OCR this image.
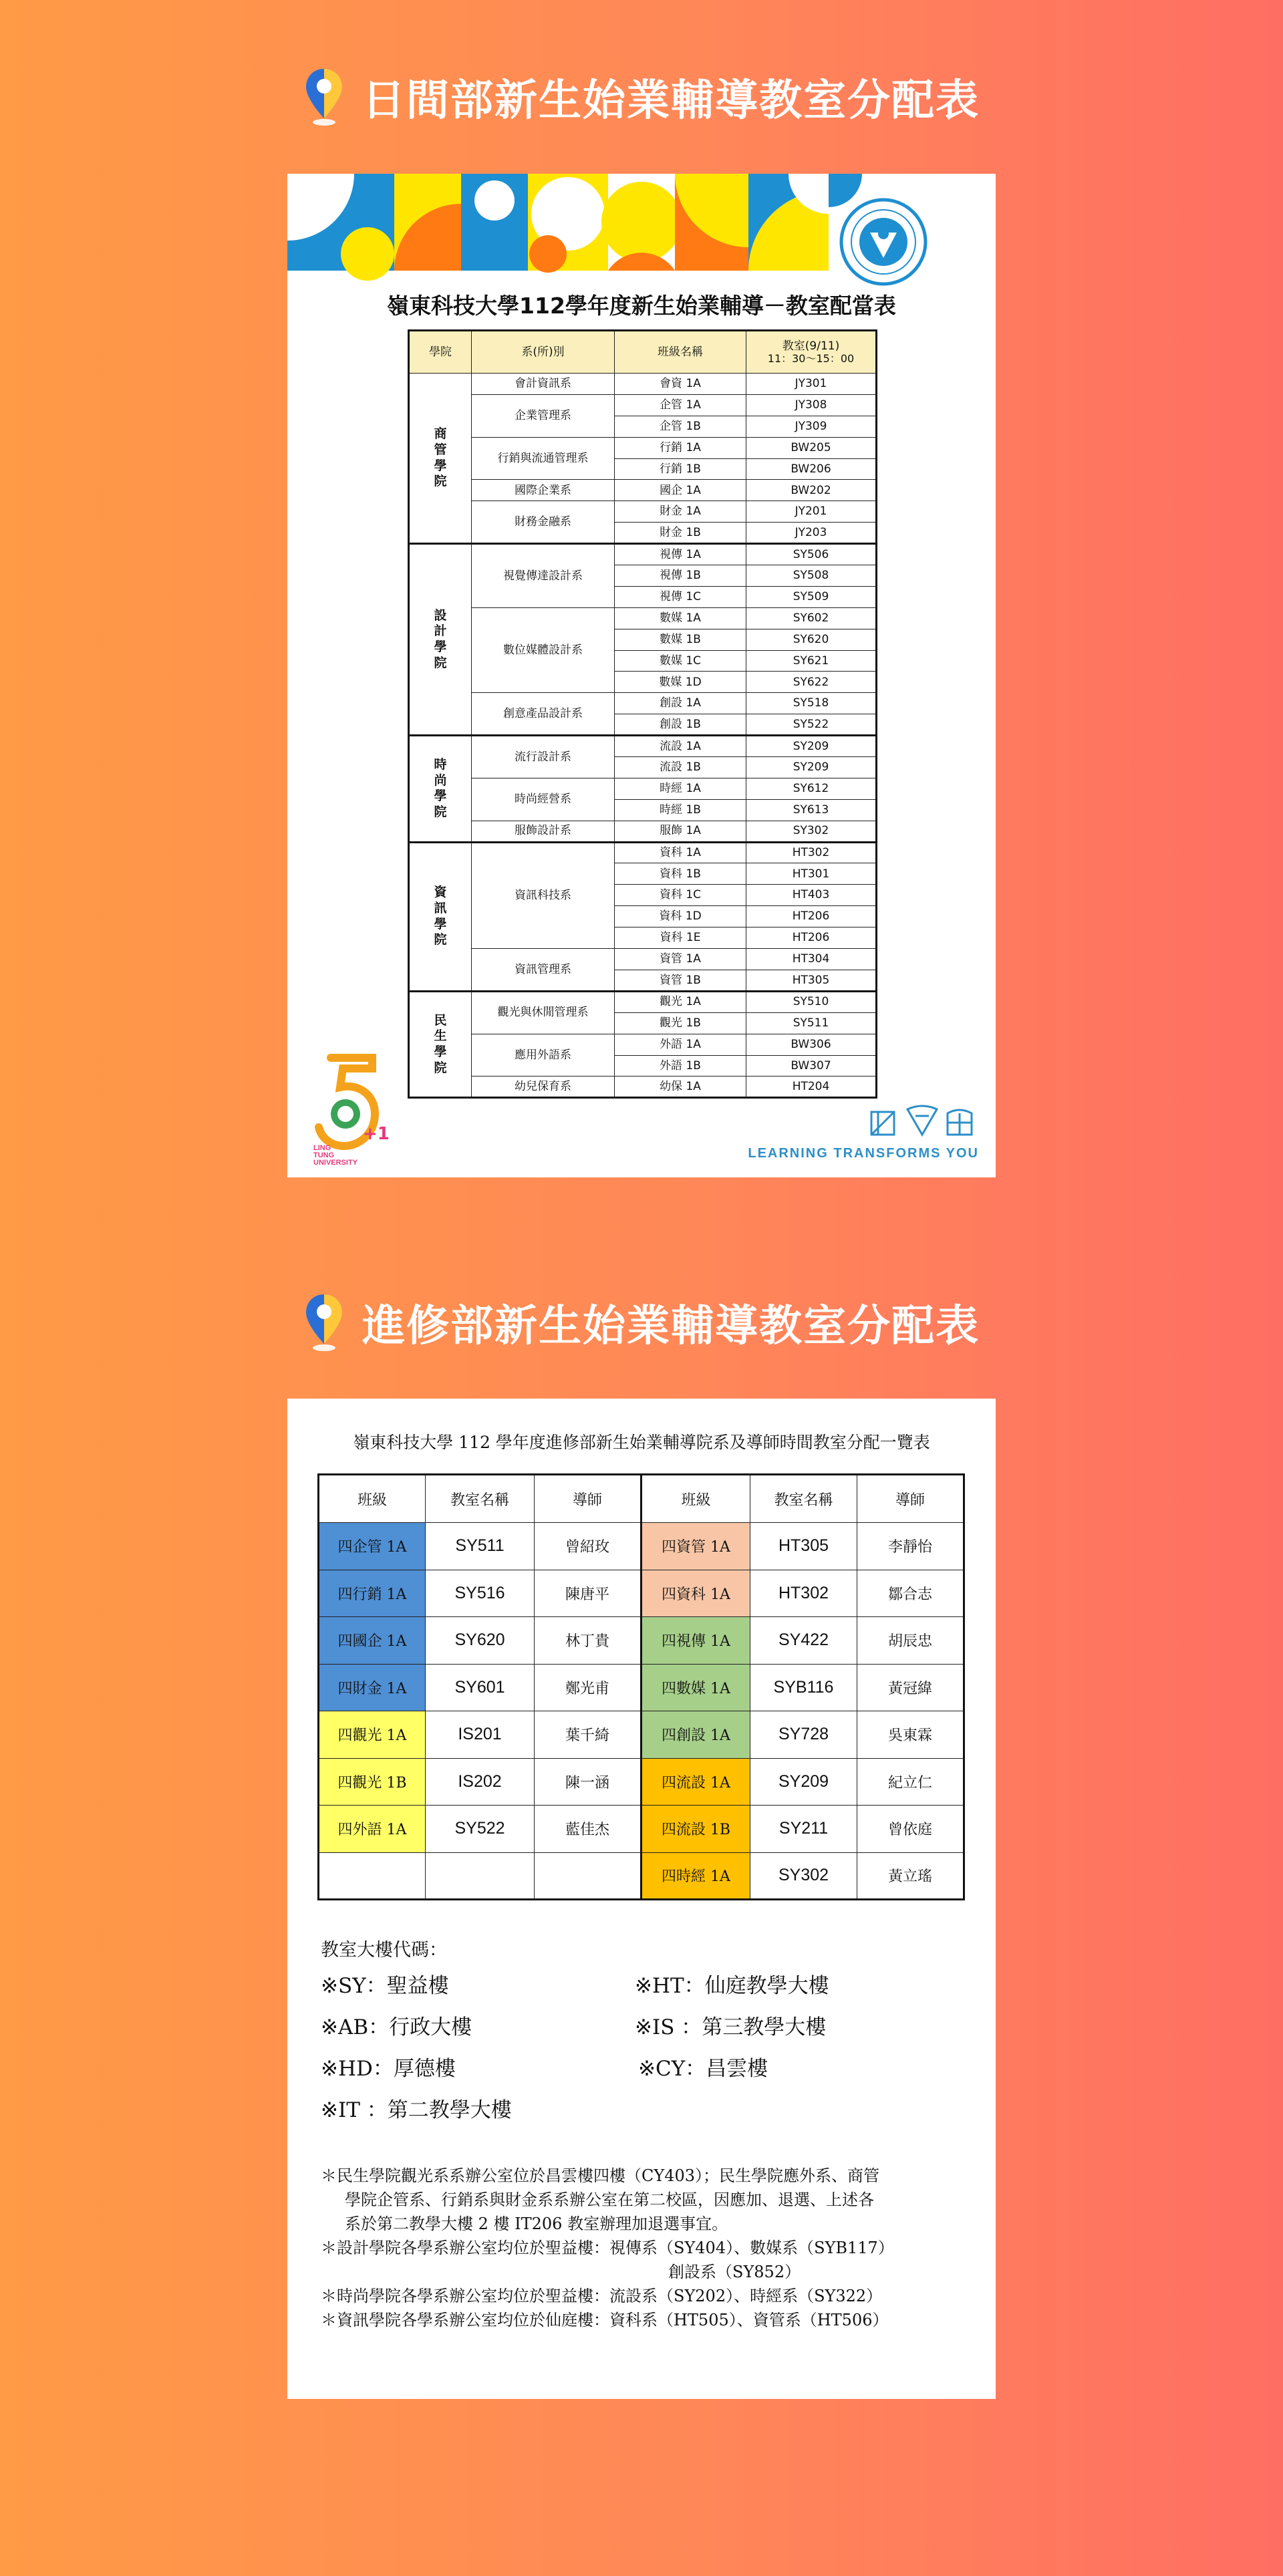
日間部新生始業輔導教室分配表
嶺東科技大學112學年度新生始業輔導－教室配當表
學院	系(所)別	班級名稱	教室(9/11)
11：30～15：00

商
管
學
院	會計資訊系	會資 1A	JY301
	企業管理系	企管 1A	JY308
		企管 1B	JY309
	行銷與流通管理系	行銷 1A	BW205
		行銷 1B	BW206
	國際企業系	國企 1A	BW202
	財務金融系	財金 1A	JY201
		財金 1B	JY203

設
計
學
院	視覺傳達設計系	視傳 1A	SY506
		視傳 1B	SY508
		視傳 1C	SY509
	數位媒體設計系	數媒 1A	SY602
		數媒 1B	SY620
		數媒 1C	SY621
		數媒 1D	SY622
	創意產品設計系	創設 1A	SY518
		創設 1B	SY522

時
尚
學
院	流行設計系	流設 1A	SY209
		流設 1B	SY209
	時尚經營系	時經 1A	SY612
		時經 1B	SY613
	服飾設計系	服飾 1A	SY302

資
訊
學
院	資訊科技系	資科 1A	HT302
		資科 1B	HT301
		資科 1C	HT403
		資科 1D	HT206
		資科 1E	HT206
	資訊管理系	資管 1A	HT304
		資管 1B	HT305

民
生
學
院	觀光與休閒管理系	觀光 1A	SY510
		觀光 1B	SY511
	應用外語系	外語 1A	BW306
		外語 1B	BW307
	幼兒保育系	幼保 1A	HT204
+1
LING
TUNG
UNIVERSITY
LEARNING TRANSFORMS YOU
進修部新生始業輔導教室分配表
嶺東科技大學 112 學年度進修部新生始業輔導院系及導師時間教室分配一覽表
班級	教室名稱	導師	班級	教室名稱	導師
四企管 1A	SY511	曾紹玫	四資管 1A	HT305	李靜怡
四行銷 1A	SY516	陳唐平	四資科 1A	HT302	鄒合志
四國企 1A	SY620	林丁貴	四視傳 1A	SY422	胡辰忠
四財金 1A	SY601	鄭光甫	四數媒 1A	SYB116	黃冠緯
四觀光 1A	IS201	葉千綺	四創設 1A	SY728	吳東霖
四觀光 1B	IS202	陳一涵	四流設 1A	SY209	紀立仁
四外語 1A	SY522	藍佳杰	四流設 1B	SY211	曾依庭
			四時經 1A	SY302	黃立瑤
教室大樓代碼：
※SY：聖益樓	※HT：仙庭教學大樓
※AB：行政大樓	※IS ：第三教學大樓
※HD：厚德樓	※CY：昌雲樓
※IT ：第二教學大樓

＊民生學院觀光系系辦公室位於昌雲樓四樓（CY403）；民生學院應外系、商管

學院企管系、行銷系與財金系系辦公室在第二校區，因應加、退選、上述各

系於第二教學大樓 2 樓 IT206 教室辦理加退選事宜。

＊設計學院各學系辦公室均位於聖益樓：視傳系（SY404）、數媒系（SYB117）

創設系（SY852）

＊時尚學院各學系辦公室均位於聖益樓：流設系（SY202）、時經系（SY322）

＊資訊學院各學系辦公室均位於仙庭樓：資科系（HT505）、資管系（HT506）
